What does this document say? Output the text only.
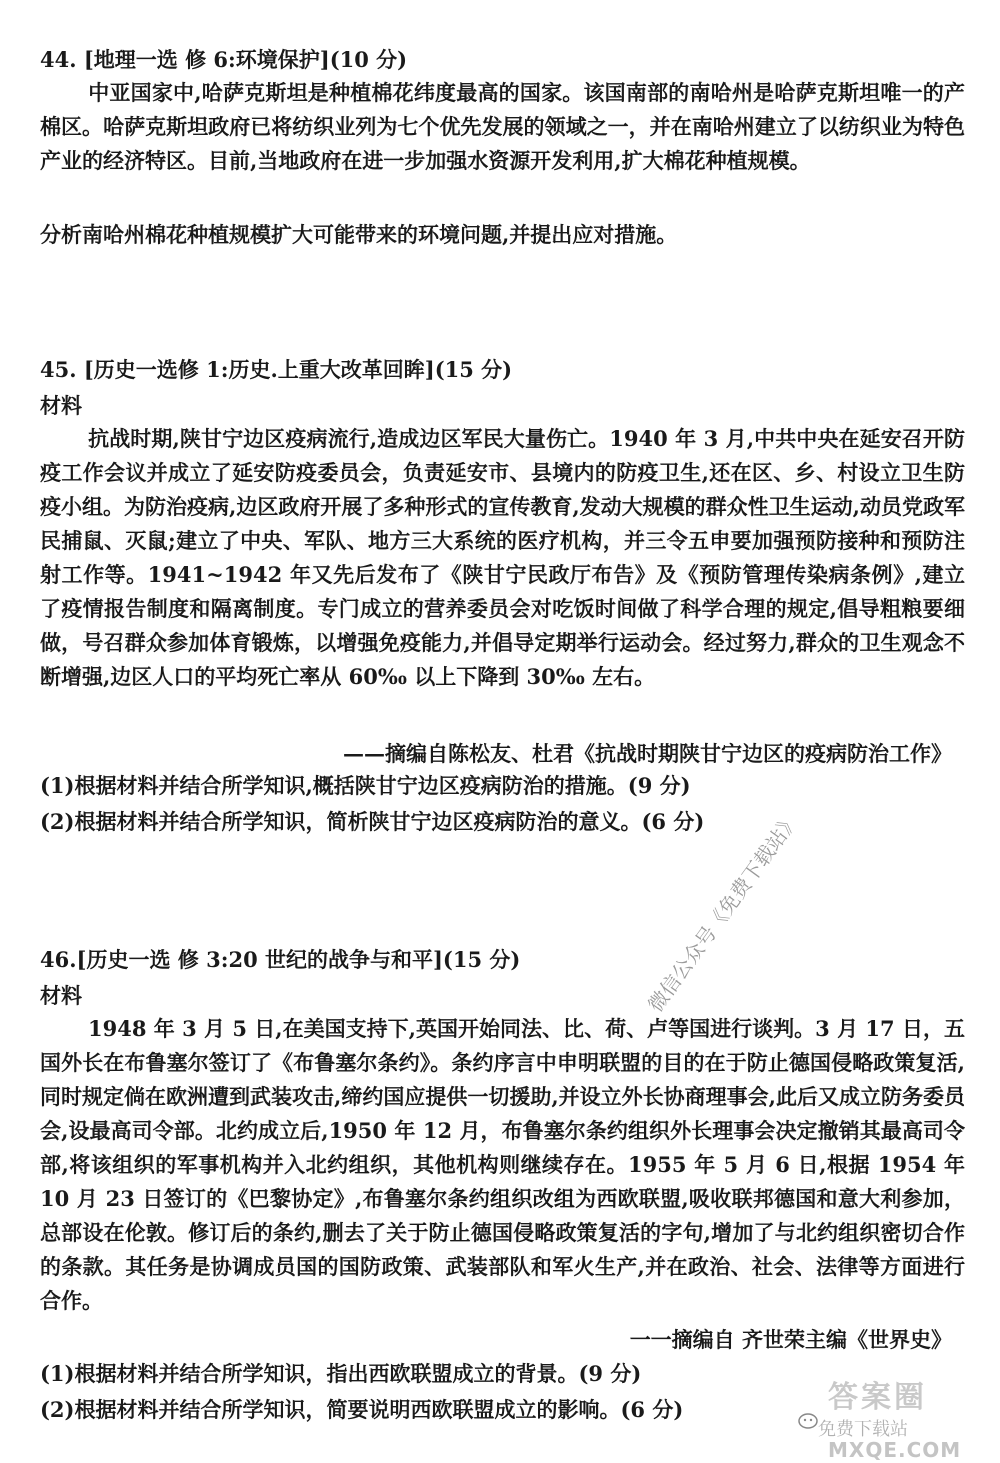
44. [地理一选 修 6:环境保护](10 分)
中亚国家中,哈萨克斯坦是种植棉花纬度最高的国家。该国南部的南哈州是哈萨克斯坦唯一的产棉区。哈萨克斯坦政府已将纺织业列为七个优先发展的领域之一，并在南哈州建立了以纺织业为特色产业的经济特区。目前,当地政府在进一步加强水资源开发利用,扩大棉花种植规模。
分析南哈州棉花种植规模扩大可能带来的环境问题,并提出应对措施。
45. [历史一选修 1:历史.上重大改革回眸](15 分)
材料
抗战时期,陕甘宁边区疫病流行,造成边区军民大量伤亡。1940 年 3 月,中共中央在延安召开防疫工作会议并成立了延安防疫委员会，负责延安市、县境内的防疫卫生,还在区、乡、村设立卫生防疫小组。为防治疫病,边区政府开展了多种形式的宣传教育,发动大规模的群众性卫生运动,动员党政军民捕鼠、灭鼠;建立了中央、军队、地方三大系统的医疗机构，并三令五申要加强预防接种和预防注射工作等。1941~1942 年又先后发布了《陕甘宁民政厅布告》及《预防管理传染病条例》,建立了疫情报告制度和隔离制度。专门成立的营养委员会对吃饭时间做了科学合理的规定,倡导粗粮要细做，号召群众参加体育锻炼，以增强免疫能力,并倡导定期举行运动会。经过努力,群众的卫生观念不断增强,边区人口的平均死亡率从 60‰ 以上下降到 30‰ 左右。
——摘编自陈松友、杜君《抗战时期陕甘宁边区的疫病防治工作》
(1)根据材料并结合所学知识,概括陕甘宁边区疫病防治的措施。(9 分)
(2)根据材料并结合所学知识，简析陕甘宁边区疫病防治的意义。(6 分)
46.[历史一选 修 3:20 世纪的战争与和平](15 分)
材料
1948 年 3 月 5 日,在美国支持下,英国开始同法、比、荷、卢等国进行谈判。3 月 17 日，五国外长在布鲁塞尔签订了《布鲁塞尔条约》。条约序言中申明联盟的目的在于防止德国侵略政策复活,同时规定倘在欧洲遭到武装攻击,缔约国应提供一切援助,并设立外长协商理事会,此后又成立防务委员会,设最高司令部。北约成立后,1950 年 12 月，布鲁塞尔条约组织外长理事会决定撤销其最高司令部,将该组织的军事机构并入北约组织，其他机构则继续存在。1955 年 5 月 6 日,根据 1954 年 10 月 23 日签订的《巴黎协定》,布鲁塞尔条约组织改组为西欧联盟,吸收联邦德国和意大利参加，总部设在伦敦。修订后的条约,删去了关于防止德国侵略政策复活的字句,增加了与北约组织密切合作的条款。其任务是协调成员国的国防政策、武装部队和军火生产,并在政治、社会、法律等方面进行合作。
一一摘编自 齐世荣主编《世界史》
(1)根据材料并结合所学知识，指出西欧联盟成立的背景。(9 分)
(2)根据材料并结合所学知识，简要说明西欧联盟成立的影响。(6 分)
微信公众号《免费下载站》
答案圈
免费下载站
MXQE.COM
